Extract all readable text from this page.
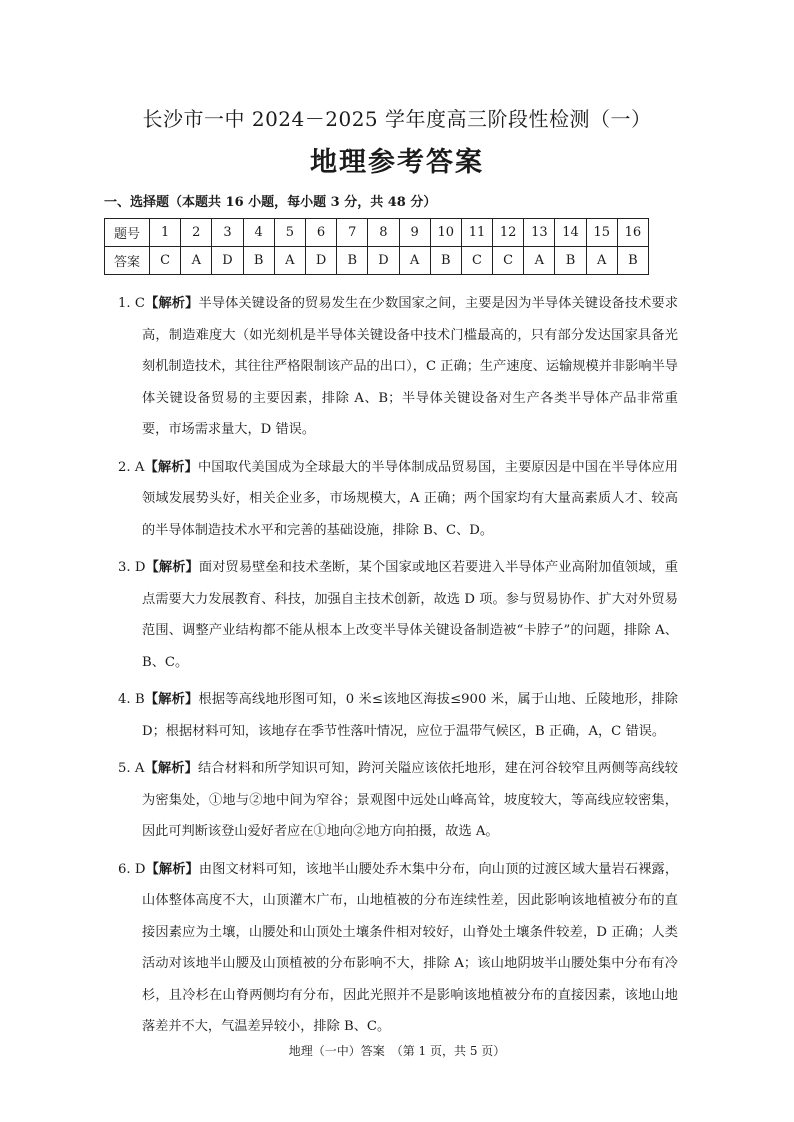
长沙市一中 2024－2025 学年度高三阶段性检测（一）
地理参考答案
一、选择题（本题共 16 小题，每小题 3 分，共 48 分）
题号	1	2	3	4	5	6	7	8	9	10	11	12	13	14	15	16
答案	C	A	D	B	A	D	B	D	A	B	C	C	A	B	A	B
1. C【解析】半导体关键设备的贸易发生在少数国家之间，主要是因为半导体关键设备技术要求高，制造难度大（如光刻机是半导体关键设备中技术门槛最高的，只有部分发达国家具备光刻机制造技术，其往往严格限制该产品的出口），C 正确；生产速度、运输规模并非影响半导体关键设备贸易的主要因素，排除 A、B；半导体关键设备对生产各类半导体产品非常重要，市场需求量大，D 错误。
2. A【解析】中国取代美国成为全球最大的半导体制成品贸易国，主要原因是中国在半导体应用领域发展势头好，相关企业多，市场规模大，A 正确；两个国家均有大量高素质人才、较高的半导体制造技术水平和完善的基础设施，排除 B、C、D。
3. D【解析】面对贸易壁垒和技术垄断，某个国家或地区若要进入半导体产业高附加值领域，重点需要大力发展教育、科技，加强自主技术创新，故选 D 项。参与贸易协作、扩大对外贸易范围、调整产业结构都不能从根本上改变半导体关键设备制造被“卡脖子”的问题，排除 A、B、C。
4. B【解析】根据等高线地形图可知，0 米≤该地区海拔≤900 米，属于山地、丘陵地形，排除 D；根据材料可知，该地存在季节性落叶情况，应位于温带气候区，B 正确，A，C 错误。
5. A【解析】结合材料和所学知识可知，跨河关隘应该依托地形，建在河谷较窄且两侧等高线较为密集处，①地与②地中间为窄谷；景观图中远处山峰高耸，坡度较大，等高线应较密集，因此可判断该登山爱好者应在①地向②地方向拍摄，故选 A。
6. D【解析】由图文材料可知，该地半山腰处乔木集中分布，向山顶的过渡区域大量岩石裸露，山体整体高度不大，山顶灌木广布，山地植被的分布连续性差，因此影响该地植被分布的直接因素应为土壤，山腰处和山顶处土壤条件相对较好，山脊处土壤条件较差，D 正确；人类活动对该地半山腰及山顶植被的分布影响不大，排除 A；该山地阴坡半山腰处集中分布有冷杉，且冷杉在山脊两侧均有分布，因此光照并不是影响该地植被分布的直接因素，该地山地落差并不大，气温差异较小，排除 B、C。
地理（一中）答案　（第 1 页，共 5 页）
